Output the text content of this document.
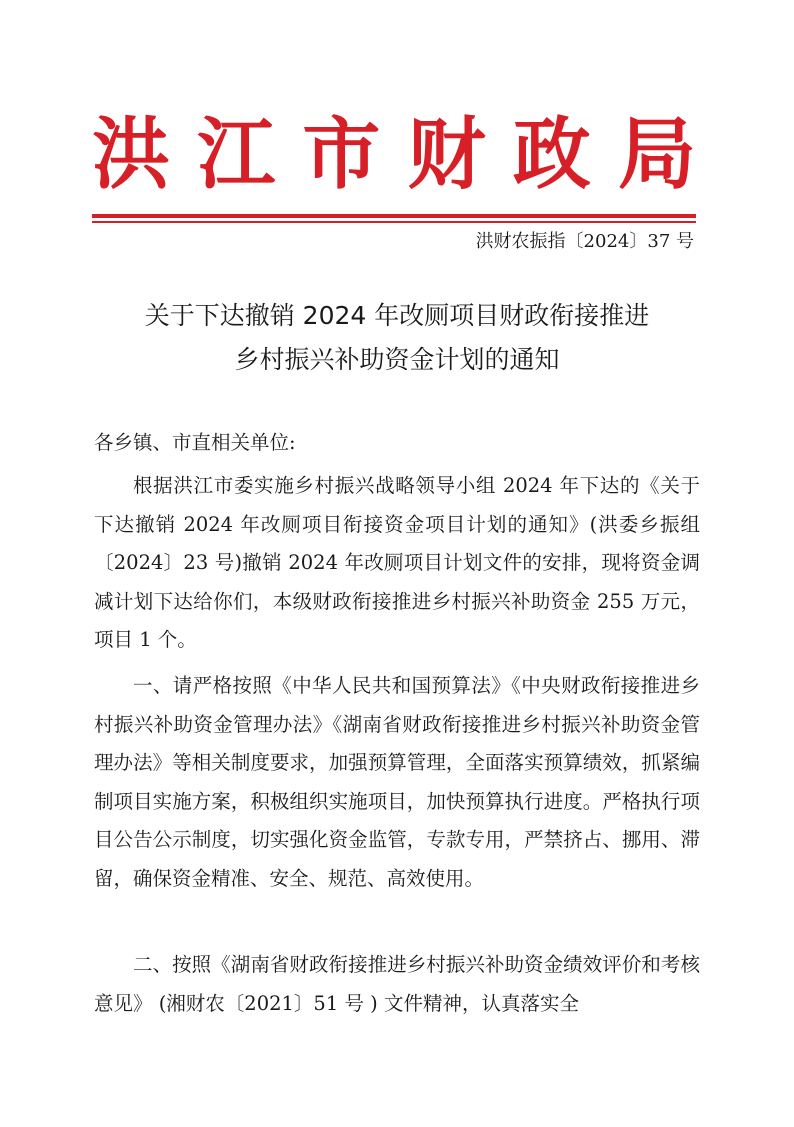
洪 江 市 财 政 局
洪财农振指〔2024〕37 号
关于下达撤销 2024 年改厕项目财政衔接推进
乡村振兴补助资金计划的通知
各乡镇、市直相关单位:
根据洪江市委实施乡村振兴战略领导小组 2024 年下达的《关于下达撤销 2024 年改厕项目衔接资金项目计划的通知》(洪委乡振组〔2024〕23 号)撤销 2024 年改厕项目计划文件的安排，现将资金调减计划下达给你们，本级财政衔接推进乡村振兴补助资金 255 万元，项目 1 个。
一、请严格按照《中华人民共和国预算法》《中央财政衔接推进乡村振兴补助资金管理办法》《湖南省财政衔接推进乡村振兴补助资金管理办法》等相关制度要求，加强预算管理，全面落实预算绩效，抓紧编制项目实施方案，积极组织实施项目，加快预算执行进度。严格执行项目公告公示制度，切实强化资金监管，专款专用，严禁挤占、挪用、滞留，确保资金精准、安全、规范、高效使用。
二、按照《湖南省财政衔接推进乡村振兴补助资金绩效评价和考核意见》 (湘财农〔2021〕51 号 ) 文件精神，认真落实全
